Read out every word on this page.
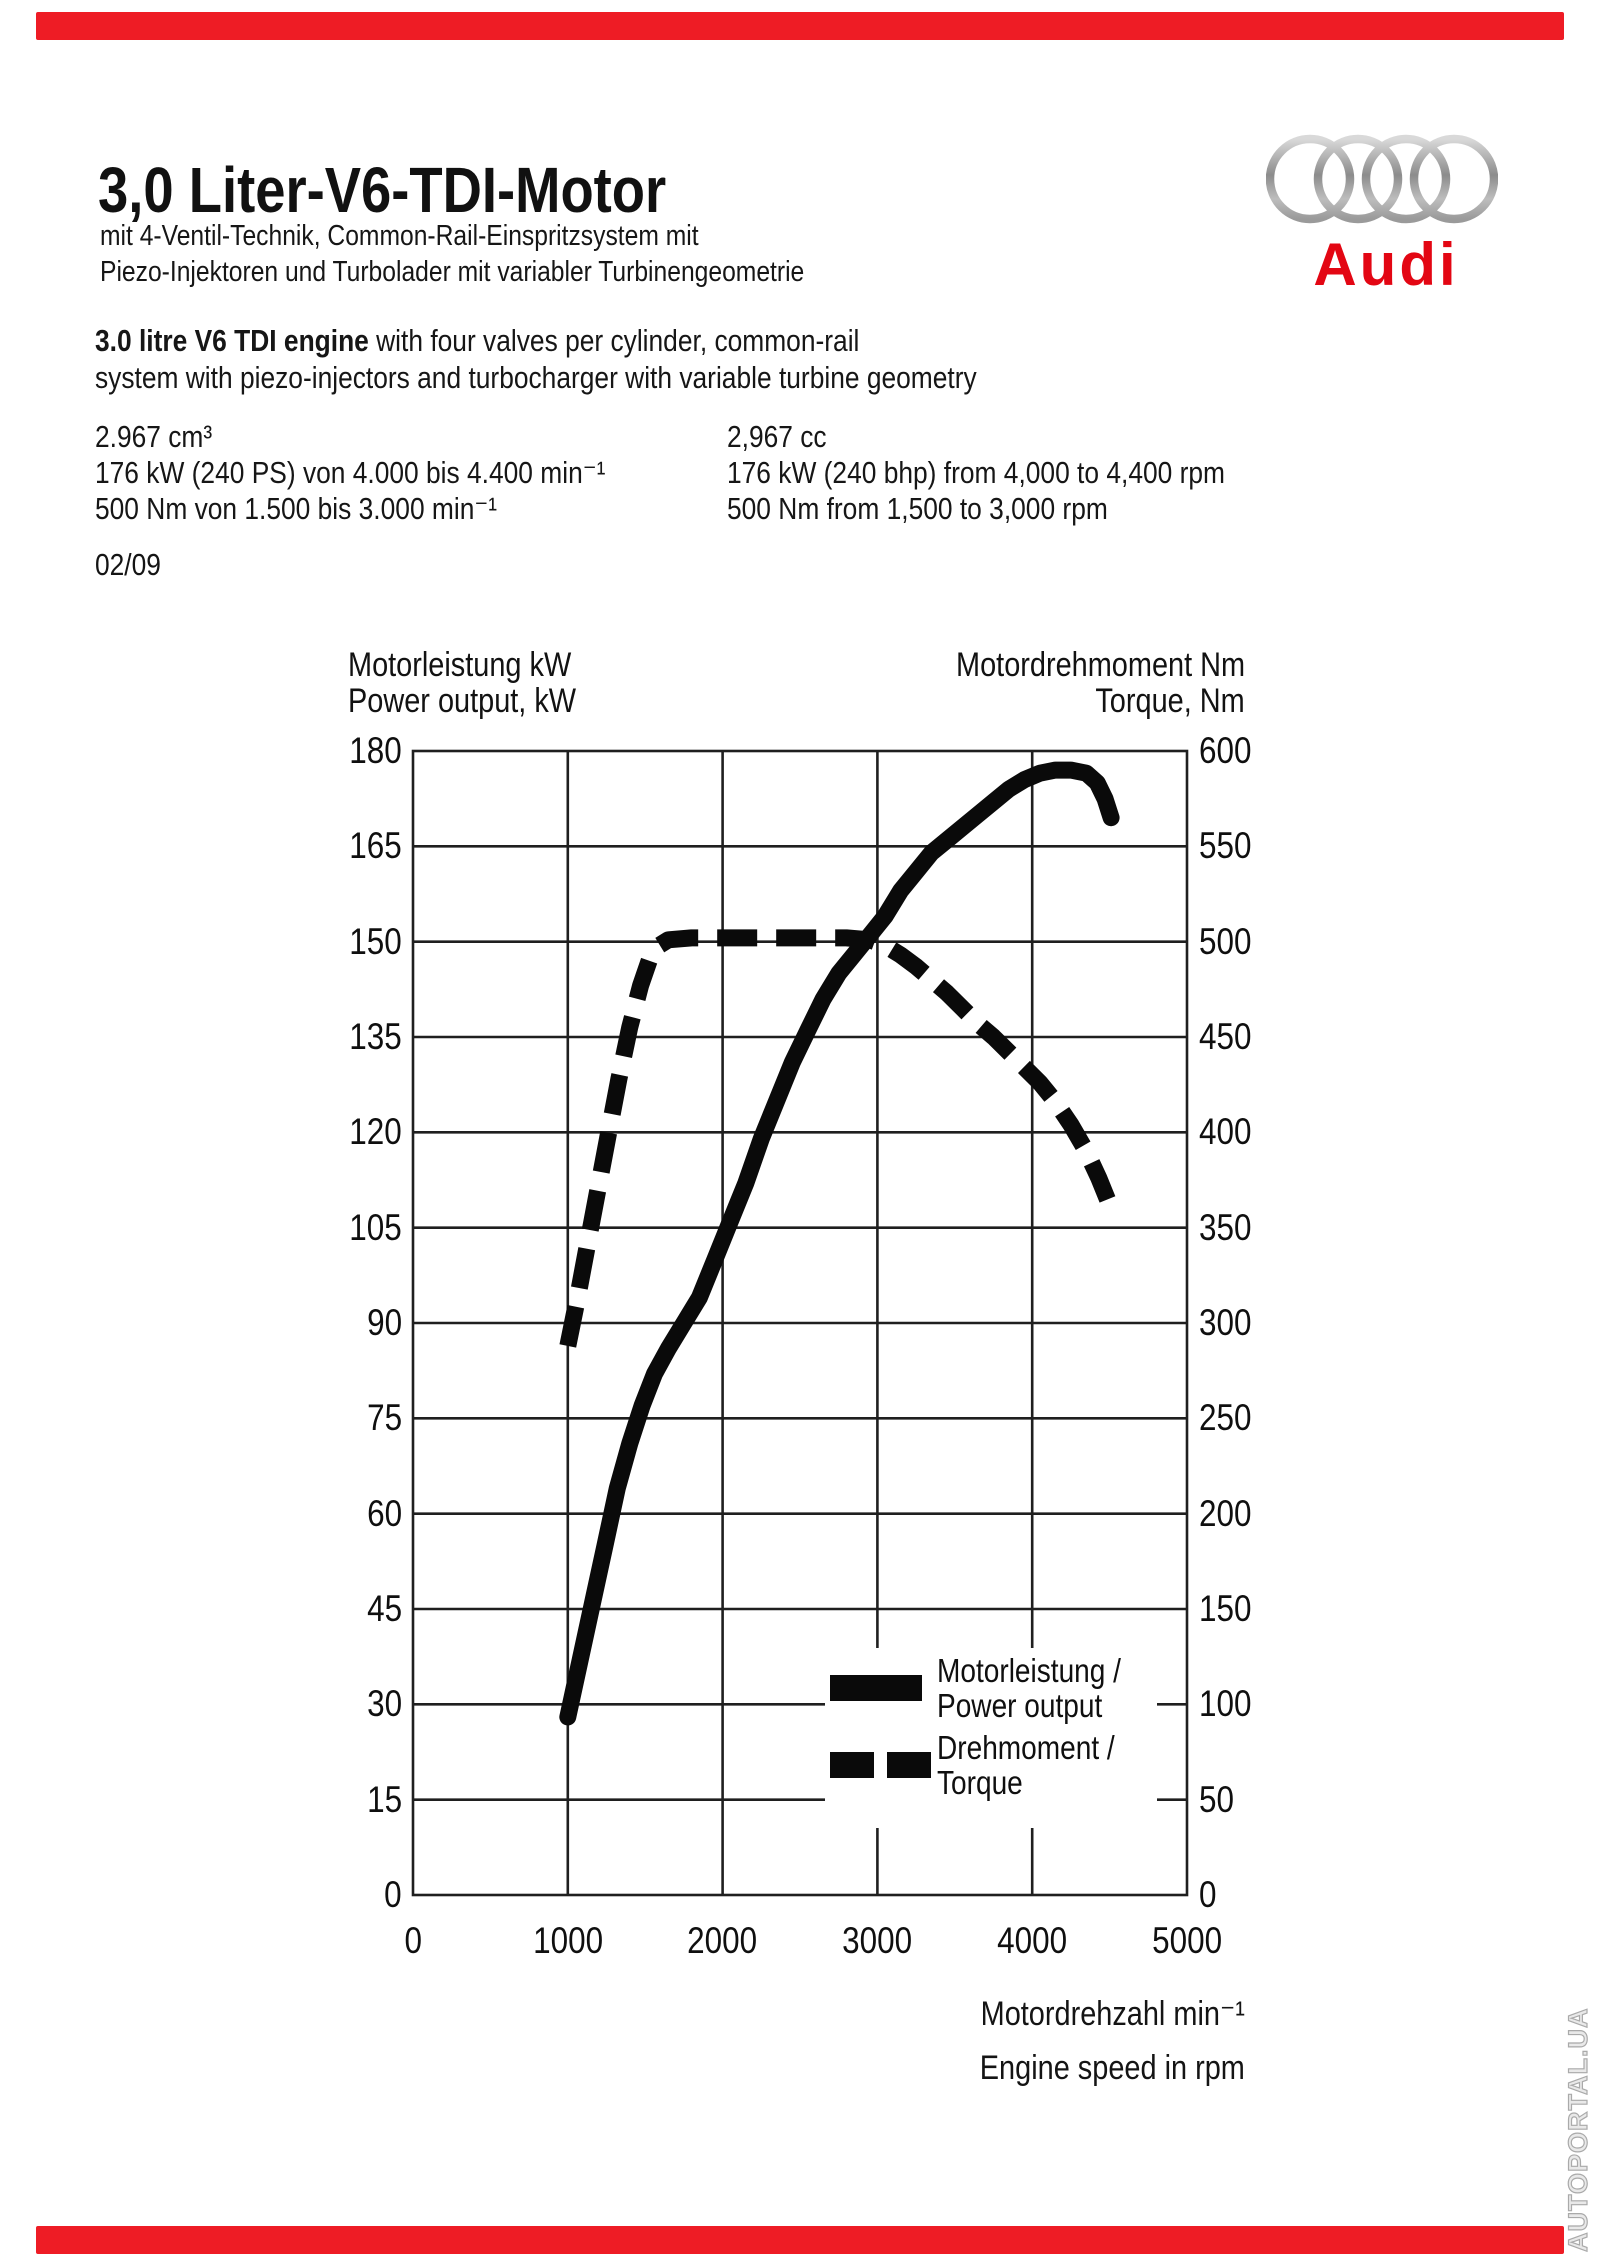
AUTOPORTAL.UA
Audi
3,0 Liter-V6-TDI-Motor
mit 4-Ventil-Technik, Common-Rail-Einspritzsystem mit
Piezo-Injektoren und Turbolader mit variabler Turbinengeometrie
3.0 litre V6 TDI engine with four valves per cylinder, common-rail
system with piezo-injectors and turbocharger with variable turbine geometry
2.967 cm³
176 kW (240 PS) von 4.000 bis 4.400 min⁻¹
500 Nm von 1.500 bis 3.000 min⁻¹
2,967 cc
176 kW (240 bhp) from 4,000 to 4,400 rpm
500 Nm from 1,500 to 3,000 rpm
02/09
Motorleistung kW
Power output, kW
Motordrehmoment Nm
Torque, Nm
180
165
150
135
120
105
90
75
60
45
30
15
0
600
550
500
450
400
350
300
250
200
150
100
50
0
0	1000	2000	3000	4000	5000
Motorleistung /
Power output
Drehmoment /
Torque
Motordrehzahl min⁻¹
Engine speed in rpm
